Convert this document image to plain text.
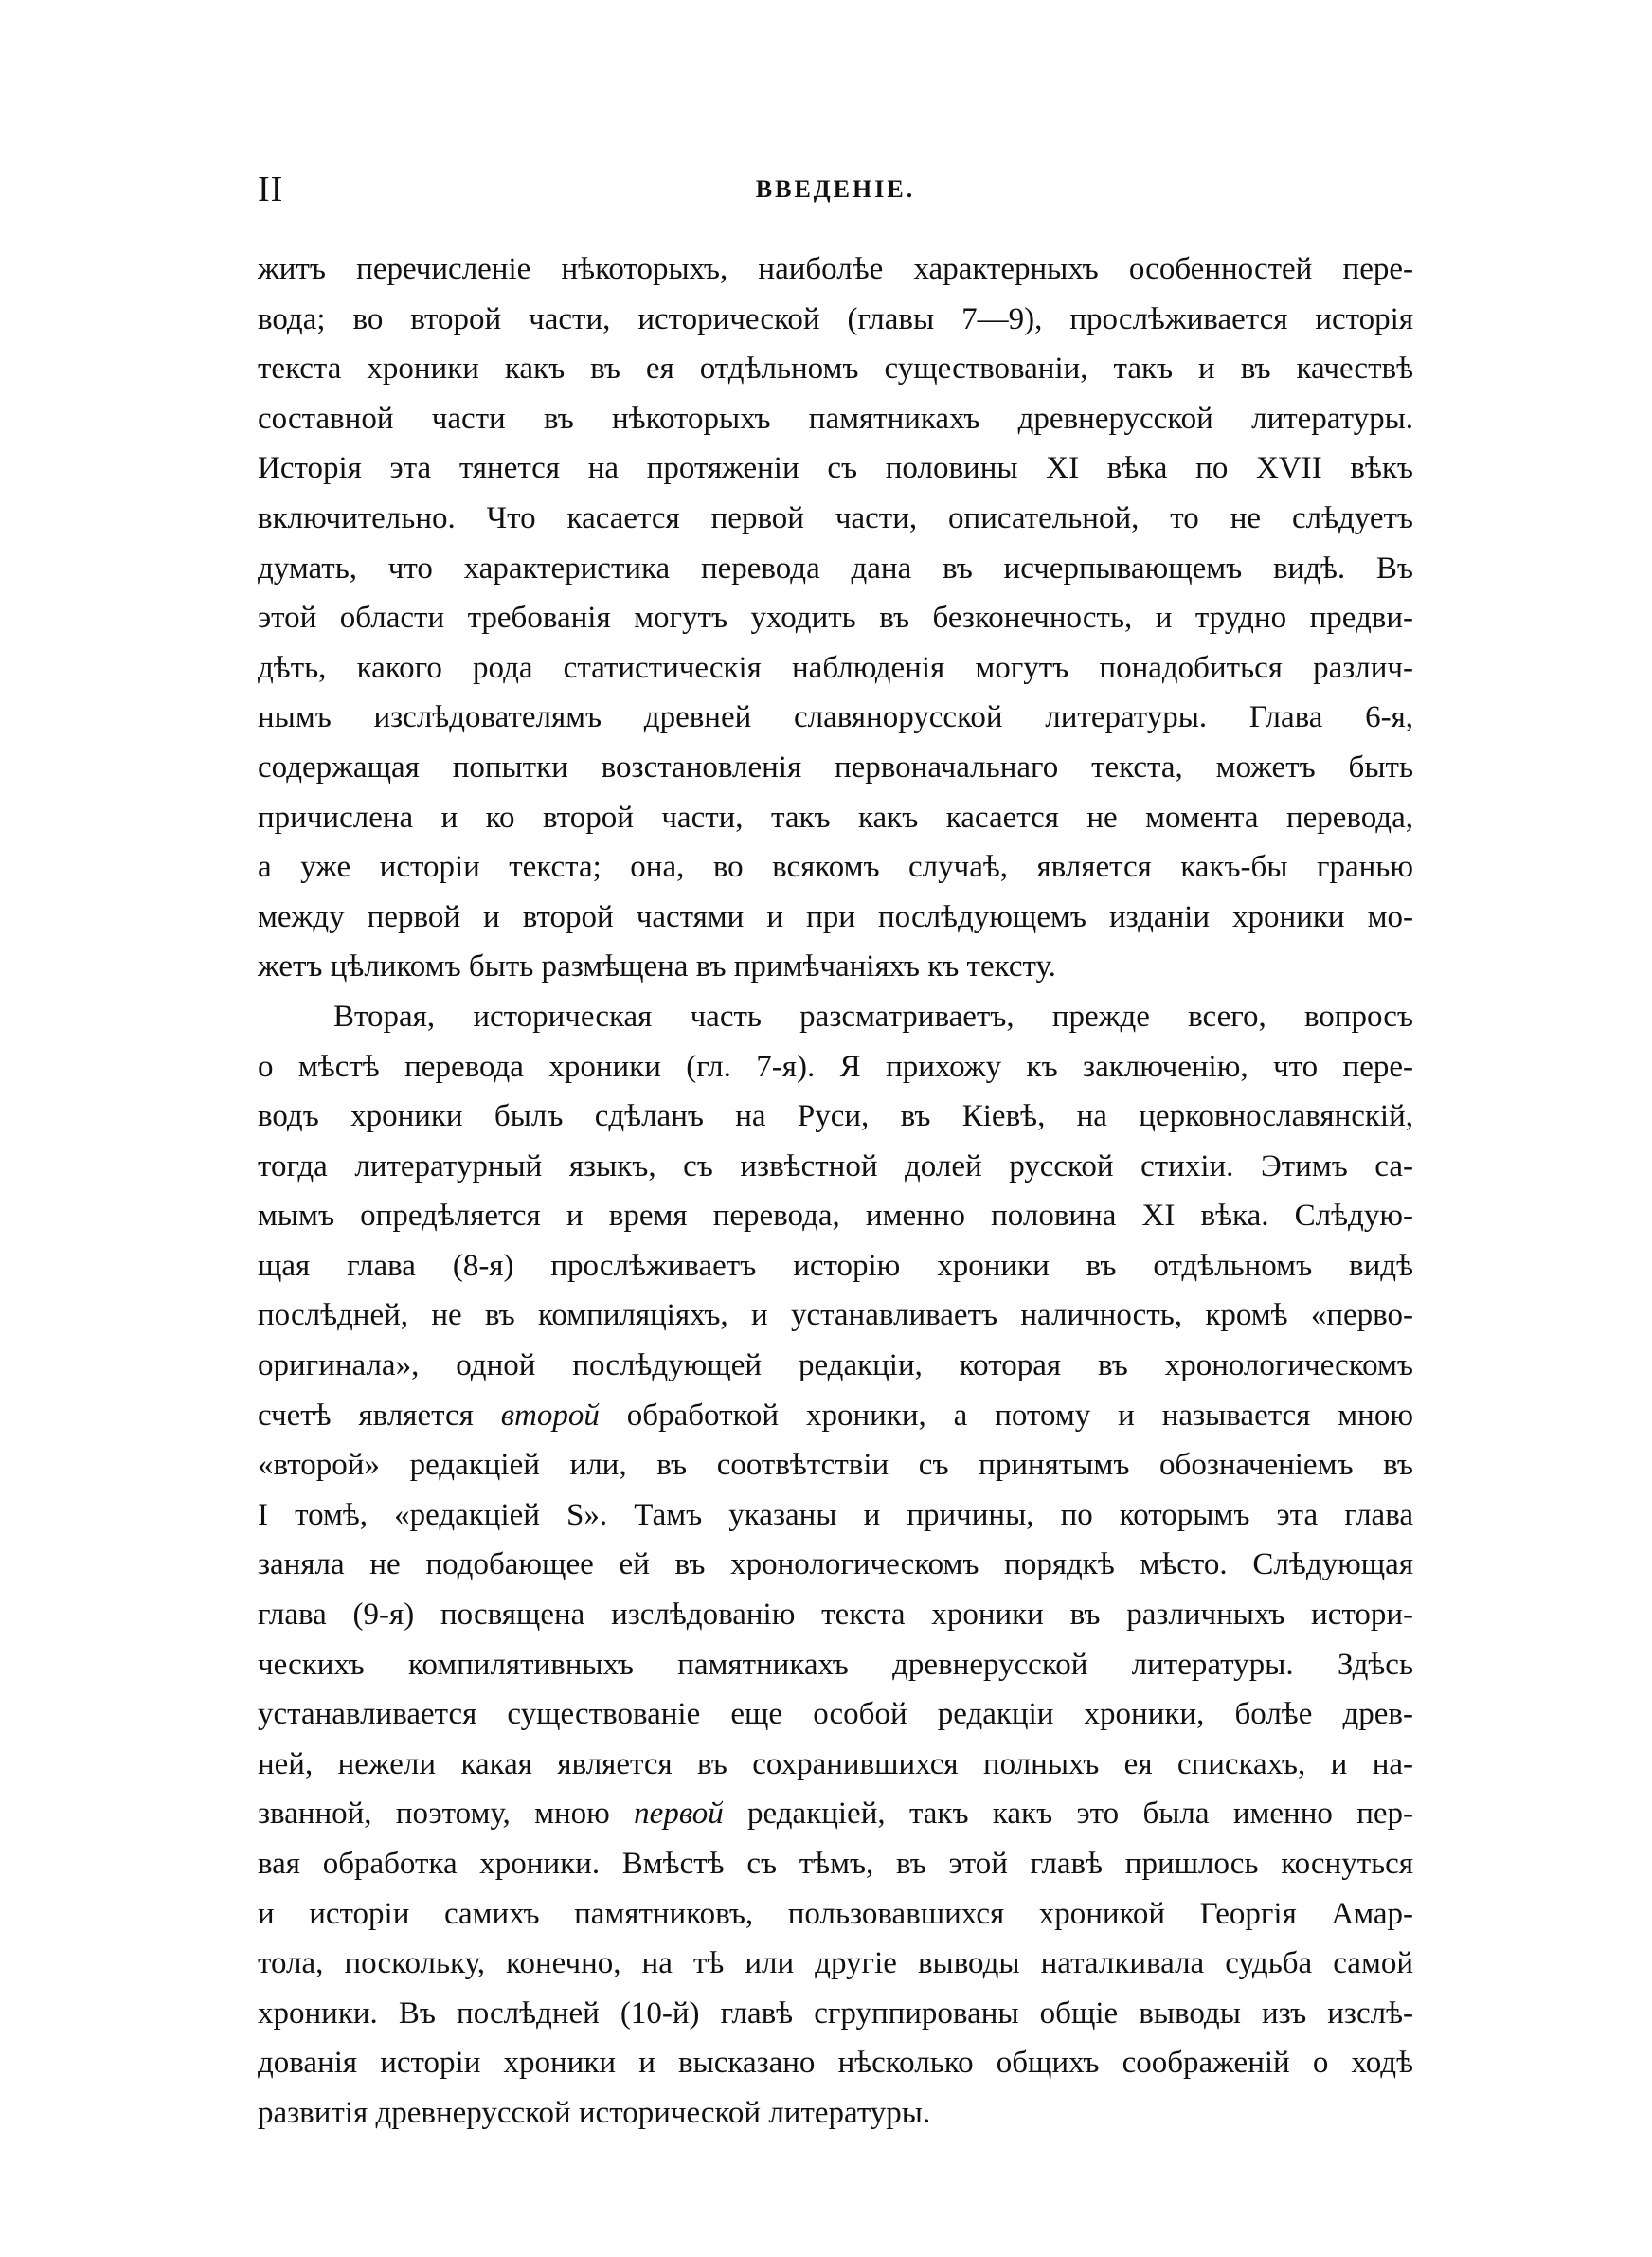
II	ВВЕДЕНІЕ.
житъ перечисленіе нѣкоторыхъ, наиболѣе характерныхъ особенностей пере-
вода; во второй части, исторической (главы 7—9), прослѣживается исторія
текста хроники какъ въ ея отдѣльномъ существованіи, такъ и въ качествѣ
составной части въ нѣкоторыхъ памятникахъ древнерусской литературы.
Исторія эта тянется на протяженіи съ половины XI вѣка по XVII вѣкъ
включительно. Что касается первой части, описательной, то не слѣдуетъ
думать, что характеристика перевода дана въ исчерпывающемъ видѣ. Въ
этой области требованія могутъ уходить въ безконечность, и трудно предви-
дѣть, какого рода статистическія наблюденія могутъ понадобиться различ-
нымъ изслѣдователямъ древней славянорусской литературы. Глава 6-я,
содержащая попытки возстановленія первоначальнаго текста, можетъ быть
причислена и ко второй части, такъ какъ касается не момента перевода,
а уже исторіи текста; она, во всякомъ случаѣ, является какъ-бы гранью
между первой и второй частями и при послѣдующемъ изданіи хроники мо-
жетъ цѣликомъ быть размѣщена въ примѣчаніяхъ къ тексту.
Вторая, историческая часть разсматриваетъ, прежде всего, вопросъ
о мѣстѣ перевода хроники (гл. 7-я). Я прихожу къ заключенію, что пере-
водъ хроники былъ сдѣланъ на Руси, въ Кіевѣ, на церковнославянскій,
тогда литературный языкъ, съ извѣстной долей русской стихіи. Этимъ са-
мымъ опредѣляется и время перевода, именно половина XI вѣка. Слѣдую-
щая глава (8-я) прослѣживаетъ исторію хроники въ отдѣльномъ видѣ
послѣдней, не въ компиляціяхъ, и устанавливаетъ наличность, кромѣ «перво-
оригинала», одной послѣдующей редакціи, которая въ хронологическомъ
счетѣ является второй обработкой хроники, а потому и называется мною
«второй» редакціей или, въ соотвѣтствіи съ принятымъ обозначеніемъ въ
I томѣ, «редакціей S». Тамъ указаны и причины, по которымъ эта глава
заняла не подобающее ей въ хронологическомъ порядкѣ мѣсто. Слѣдующая
глава (9-я) посвящена изслѣдованію текста хроники въ различныхъ истори-
ческихъ компилятивныхъ памятникахъ древнерусской литературы. Здѣсь
устанавливается существованіе еще особой редакціи хроники, болѣе древ-
ней, нежели какая является въ сохранившихся полныхъ ея спискахъ, и на-
званной, поэтому, мною первой редакціей, такъ какъ это была именно пер-
вая обработка хроники. Вмѣстѣ съ тѣмъ, въ этой главѣ пришлось коснуться
и исторіи самихъ памятниковъ, пользовавшихся хроникой Георгія Амар-
тола, поскольку, конечно, на тѣ или другіе выводы наталкивала судьба самой
хроники. Въ послѣдней (10-й) главѣ сгруппированы общіе выводы изъ изслѣ-
дованія исторіи хроники и высказано нѣсколько общихъ соображеній о ходѣ
развитія древнерусской исторической литературы.
